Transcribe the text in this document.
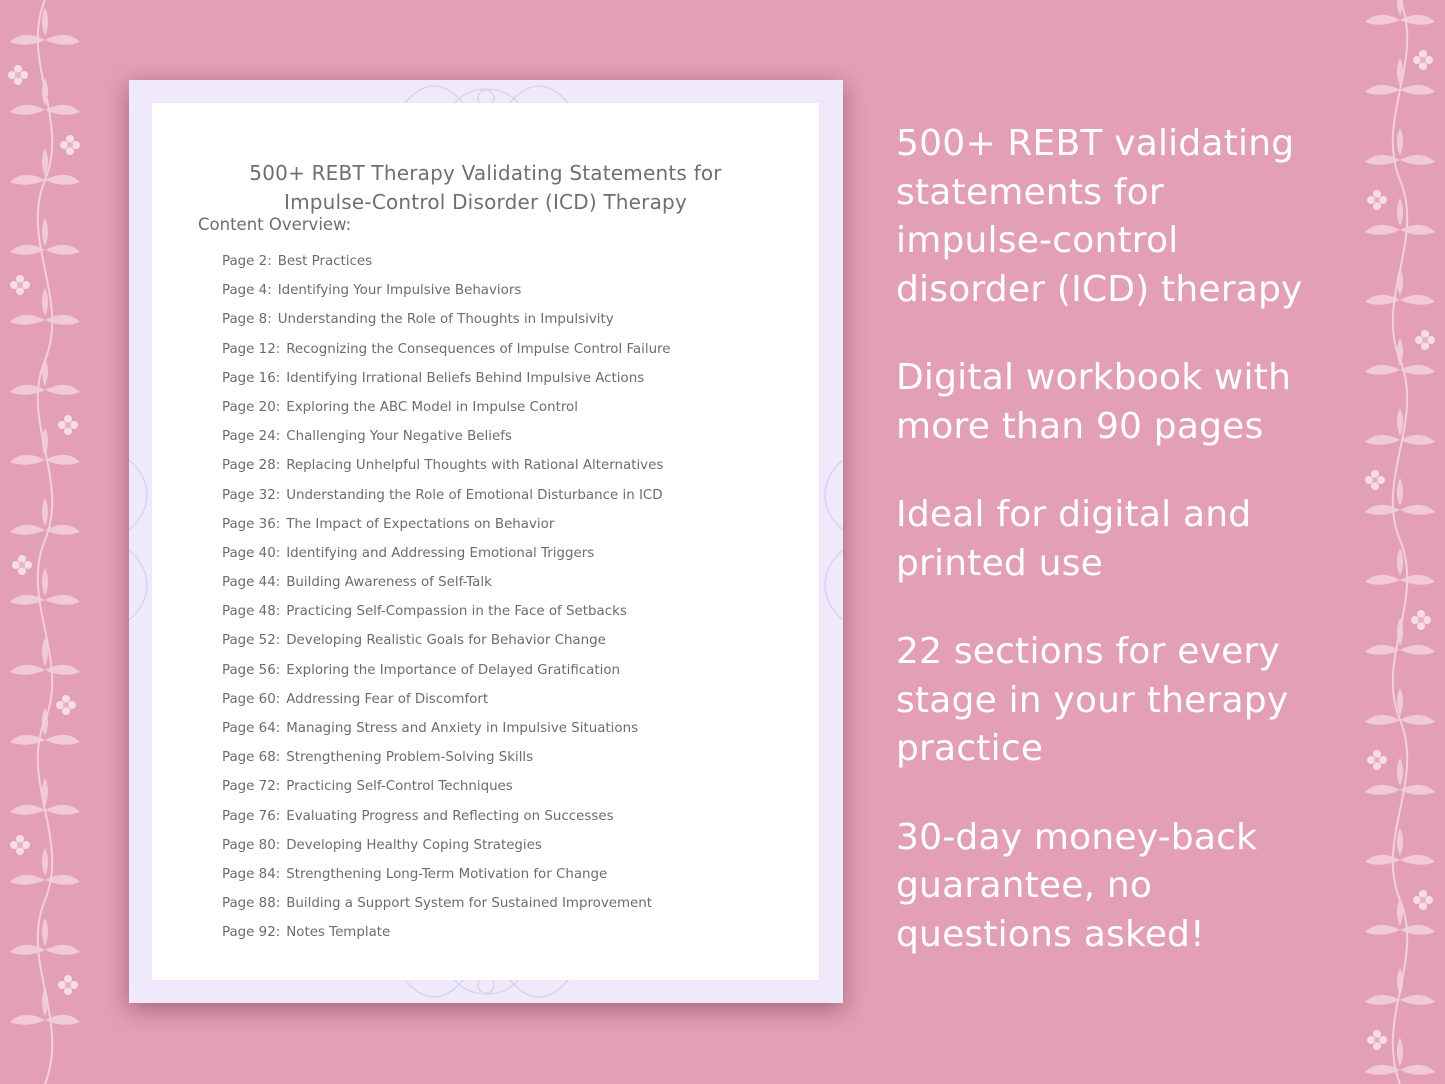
500+ REBT Therapy Validating Statements for
Impulse-Control Disorder (ICD) Therapy
Content Overview:
Page 2: Best Practices
Page 4: Identifying Your Impulsive Behaviors
Page 8: Understanding the Role of Thoughts in Impulsivity
Page 12: Recognizing the Consequences of Impulse Control Failure
Page 16: Identifying Irrational Beliefs Behind Impulsive Actions
Page 20: Exploring the ABC Model in Impulse Control
Page 24: Challenging Your Negative Beliefs
Page 28: Replacing Unhelpful Thoughts with Rational Alternatives
Page 32: Understanding the Role of Emotional Disturbance in ICD
Page 36: The Impact of Expectations on Behavior
Page 40: Identifying and Addressing Emotional Triggers
Page 44: Building Awareness of Self-Talk
Page 48: Practicing Self-Compassion in the Face of Setbacks
Page 52: Developing Realistic Goals for Behavior Change
Page 56: Exploring the Importance of Delayed Gratification
Page 60: Addressing Fear of Discomfort
Page 64: Managing Stress and Anxiety in Impulsive Situations
Page 68: Strengthening Problem-Solving Skills
Page 72: Practicing Self-Control Techniques
Page 76: Evaluating Progress and Reflecting on Successes
Page 80: Developing Healthy Coping Strategies
Page 84: Strengthening Long-Term Motivation for Change
Page 88: Building a Support System for Sustained Improvement
Page 92: Notes Template

500+ REBT validating statements for impulse-control disorder (ICD) therapy

Digital workbook with more than 90 pages

Ideal for digital and printed use

22 sections for every stage in your therapy practice

30-day money-back guarantee, no questions asked!
